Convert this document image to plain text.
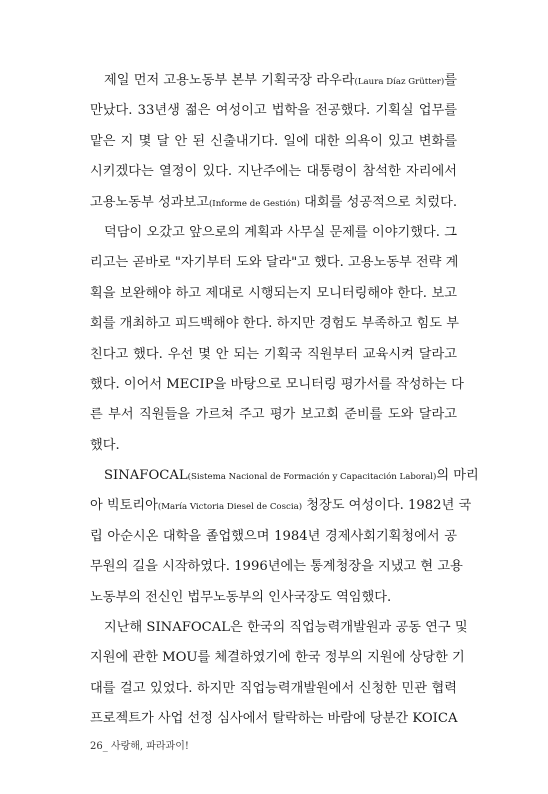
제일 먼저 고용노동부 본부 기획국장 라우라(Laura Díaz Grütter)를
만났다. 33년생 젊은 여성이고 법학을 전공했다. 기획실 업무를
맡은 지 몇 달 안 된 신출내기다. 일에 대한 의욕이 있고 변화를
시키겠다는 열정이 있다. 지난주에는 대통령이 참석한 자리에서
고용노동부 성과보고(Informe de Gestión) 대회를 성공적으로 치렀다.
덕담이 오갔고 앞으로의 계획과 사무실 문제를 이야기했다. 그
리고는 곧바로 "자기부터 도와 달라"고 했다. 고용노동부 전략 계
획을 보완해야 하고 제대로 시행되는지 모니터링해야 한다. 보고
회를 개최하고 피드백해야 한다. 하지만 경험도 부족하고 힘도 부
친다고 했다. 우선 몇 안 되는 기획국 직원부터 교육시켜 달라고
했다. 이어서 MECIP을 바탕으로 모니터링 평가서를 작성하는 다
른 부서 직원들을 가르쳐 주고 평가 보고회 준비를 도와 달라고
했다.
SINAFOCAL(Sistema Nacional de Formación y Capacitación Laboral)의 마리
아 빅토리아(María Victoria Diesel de Coscia) 청장도 여성이다. 1982년 국
립 아순시온 대학을 졸업했으며 1984년 경제사회기획청에서 공
무원의 길을 시작하였다. 1996년에는 통계청장을 지냈고 현 고용
노동부의 전신인 법무노동부의 인사국장도 역임했다.
지난해 SINAFOCAL은 한국의 직업능력개발원과 공동 연구 및
지원에 관한 MOU를 체결하였기에 한국 정부의 지원에 상당한 기
대를 걸고 있었다. 하지만 직업능력개발원에서 신청한 민관 협력
프로젝트가 사업 선정 심사에서 탈락하는 바람에 당분간 KOICA
26_ 사랑해, 파라과이!
